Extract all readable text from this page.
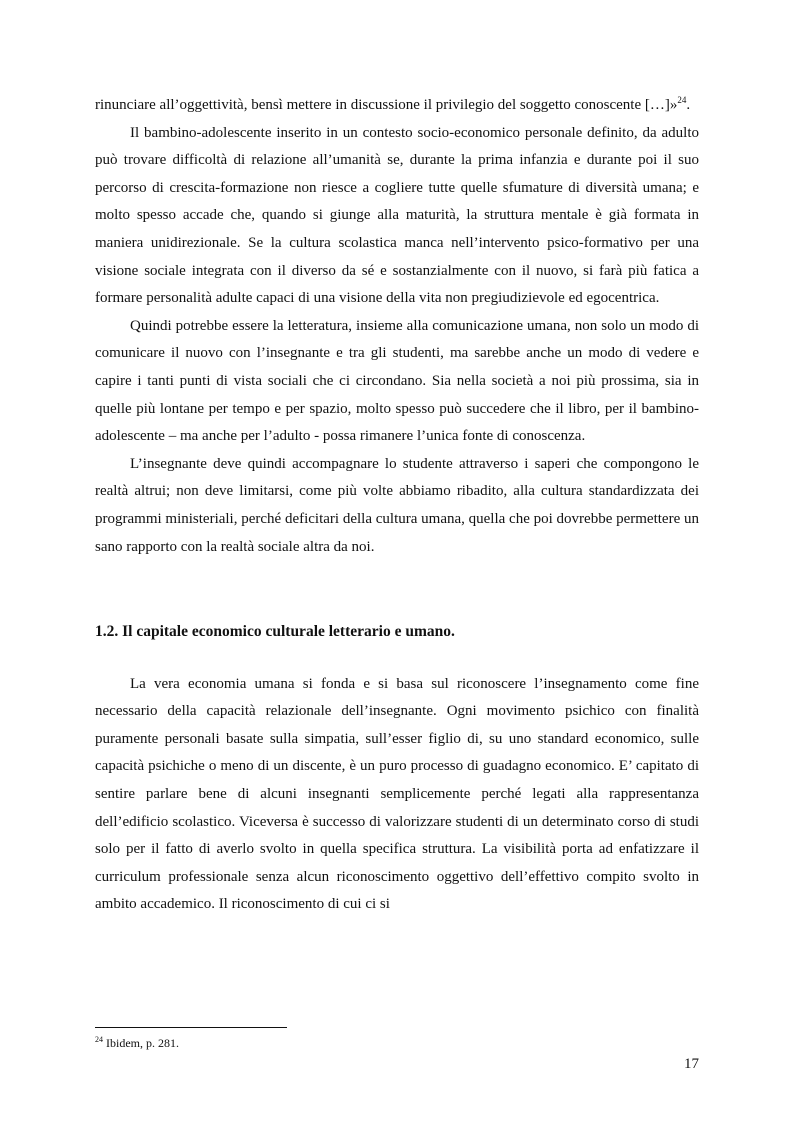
rinunciare all’oggettività, bensì mettere in discussione il privilegio del soggetto conoscente […]»$^{24}$.

Il bambino-adolescente inserito in un contesto socio-economico personale definito, da adulto può trovare difficoltà di relazione all’umanità se, durante la prima infanzia e durante poi il suo percorso di crescita-formazione non riesce a cogliere tutte quelle sfumature di diversità umana; e molto spesso accade che, quando si giunge alla maturità, la struttura mentale è già formata in maniera unidirezionale. Se la cultura scolastica manca nell’intervento psico-formativo per una visione sociale integrata con il diverso da sé e sostanzialmente con il nuovo, si farà più fatica a formare personalità adulte capaci di una visione della vita non pregiudizievole ed egocentrica.

Quindi potrebbe essere la letteratura, insieme alla comunicazione umana, non solo un modo di comunicare il nuovo con l’insegnante e tra gli studenti, ma sarebbe anche un modo di vedere e capire i tanti punti di vista sociali che ci circondano. Sia nella società a noi più prossima, sia in quelle più lontane per tempo e per spazio, molto spesso può succedere che il libro, per il bambino-adolescente – ma anche per l’adulto - possa rimanere l’unica fonte di conoscenza.

L’insegnante deve quindi accompagnare lo studente attraverso i saperi che compongono le realtà altrui; non deve limitarsi, come più volte abbiamo ribadito, alla cultura standardizzata dei programmi ministeriali, perché deficitari della cultura umana, quella che poi dovrebbe permettere un sano rapporto con la realtà sociale altra da noi.

1.2. Il capitale economico culturale letterario e umano.

La vera economia umana si fonda e si basa sul riconoscere l’insegnamento come fine necessario della capacità relazionale dell’insegnante. Ogni movimento psichico con finalità puramente personali basate sulla simpatia, sull’esser figlio di, su uno standard economico, sulle capacità psichiche o meno di un discente, è un puro processo di guadagno economico. E’ capitato di sentire parlare bene di alcuni insegnanti semplicemente perché legati alla rappresentanza dell’edificio scolastico. Viceversa è successo di valorizzare studenti di un determinato corso di studi solo per il fatto di averlo svolto in quella specifica struttura. La visibilità porta ad enfatizzare il curriculum professionale senza alcun riconoscimento oggettivo dell’effettivo compito svolto in ambito accademico. Il riconoscimento di cui ci si

$^{24}$ Ibidem, p. 281.
17
